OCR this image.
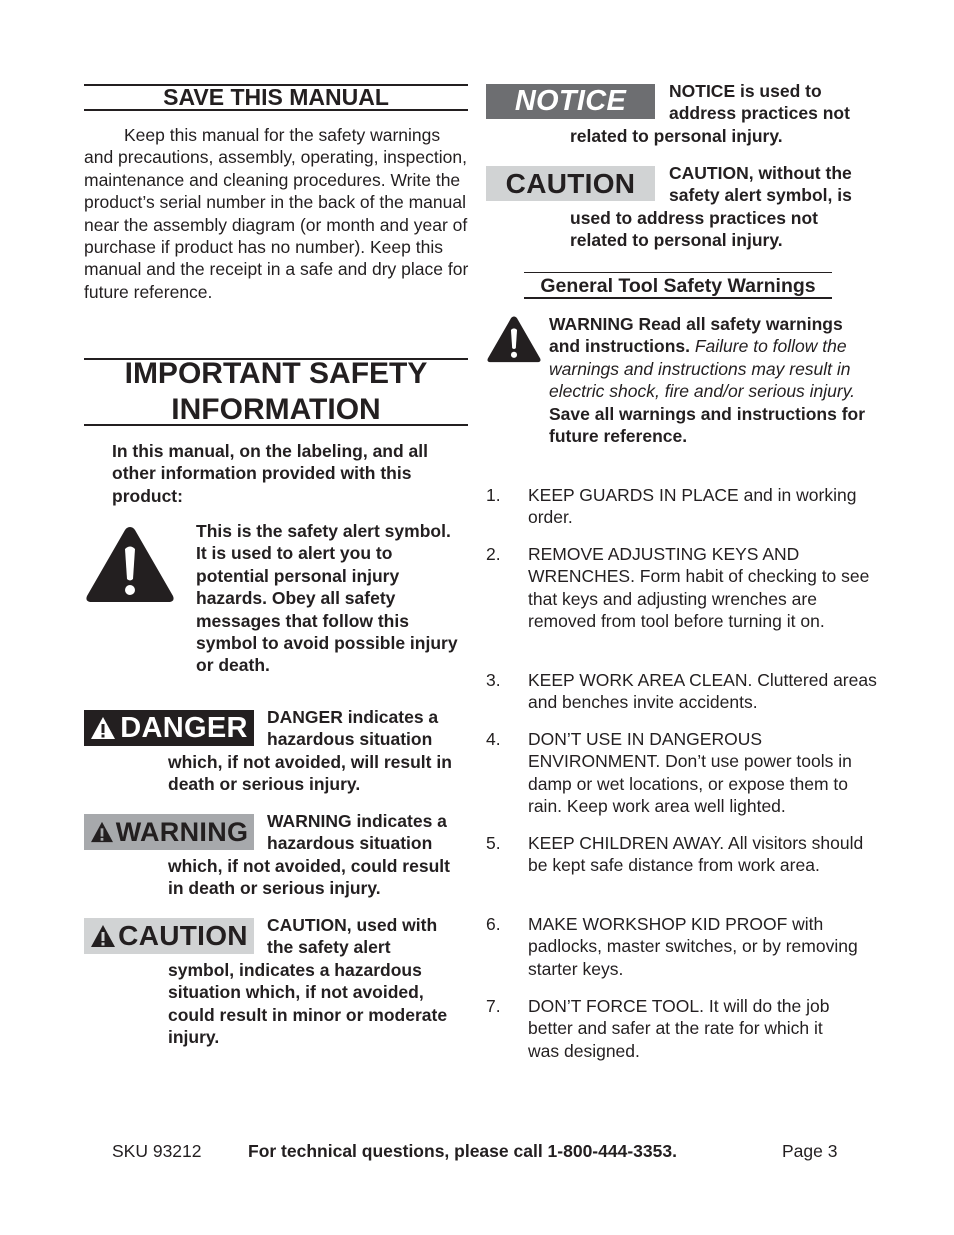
SAVE THIS MANUAL

Keep this manual for the safety warnings and precautions, assembly, operating, inspection, maintenance and cleaning procedures. Write the product’s serial number in the back of the manual near the assembly diagram (or month and year of purchase if product has no number). Keep this manual and the receipt in a safe and dry place for future reference.

IMPORTANT SAFETY
INFORMATION
In this manual, on the labeling, and all other information provided with this product:
This is the safety alert symbol. It is used to alert you to potential personal injury hazards. Obey all safety messages that follow this symbol to avoid possible injury or death.
DANGER DANGER indicates a
hazardous situation
which, if not avoided, will result in death or serious injury.
WARNING WARNING indicates a
hazardous situation
which, if not avoided, could result in death or serious injury.
CAUTION CAUTION, used with
the safety alert
symbol, indicates a hazardous situation which, if not avoided, could result in minor or moderate injury.
NOTICE NOTICE is used to
address practices not
related to personal injury.
CAUTION CAUTION, without the
safety alert symbol, is
used to address practices not related to personal injury.
General Tool Safety Warnings
WARNING Read all safety warnings and instructions. Failure to follow the warnings and instructions may result in electric shock, fire and/or serious injury.
Save all warnings and instructions for future reference.
1. KEEP GUARDS IN PLACE and in working order.
2. REMOVE ADJUSTING KEYS AND WRENCHES. Form habit of checking to see that keys and adjusting wrenches are removed from tool before turning it on.
3. KEEP WORK AREA CLEAN. Cluttered areas and benches invite accidents.
4. DON’T USE IN DANGEROUS ENVIRONMENT. Don’t use power tools in damp or wet locations, or expose them to rain. Keep work area well lighted.
5. KEEP CHILDREN AWAY. All visitors should be kept safe distance from work area.
6. MAKE WORKSHOP KID PROOF with padlocks, master switches, or by removing starter keys.
7. DON’T FORCE TOOL. It will do the job better and safer at the rate for which it was designed.
SKU 93212	For technical questions, please call 1-800-444-3353.	Page 3
